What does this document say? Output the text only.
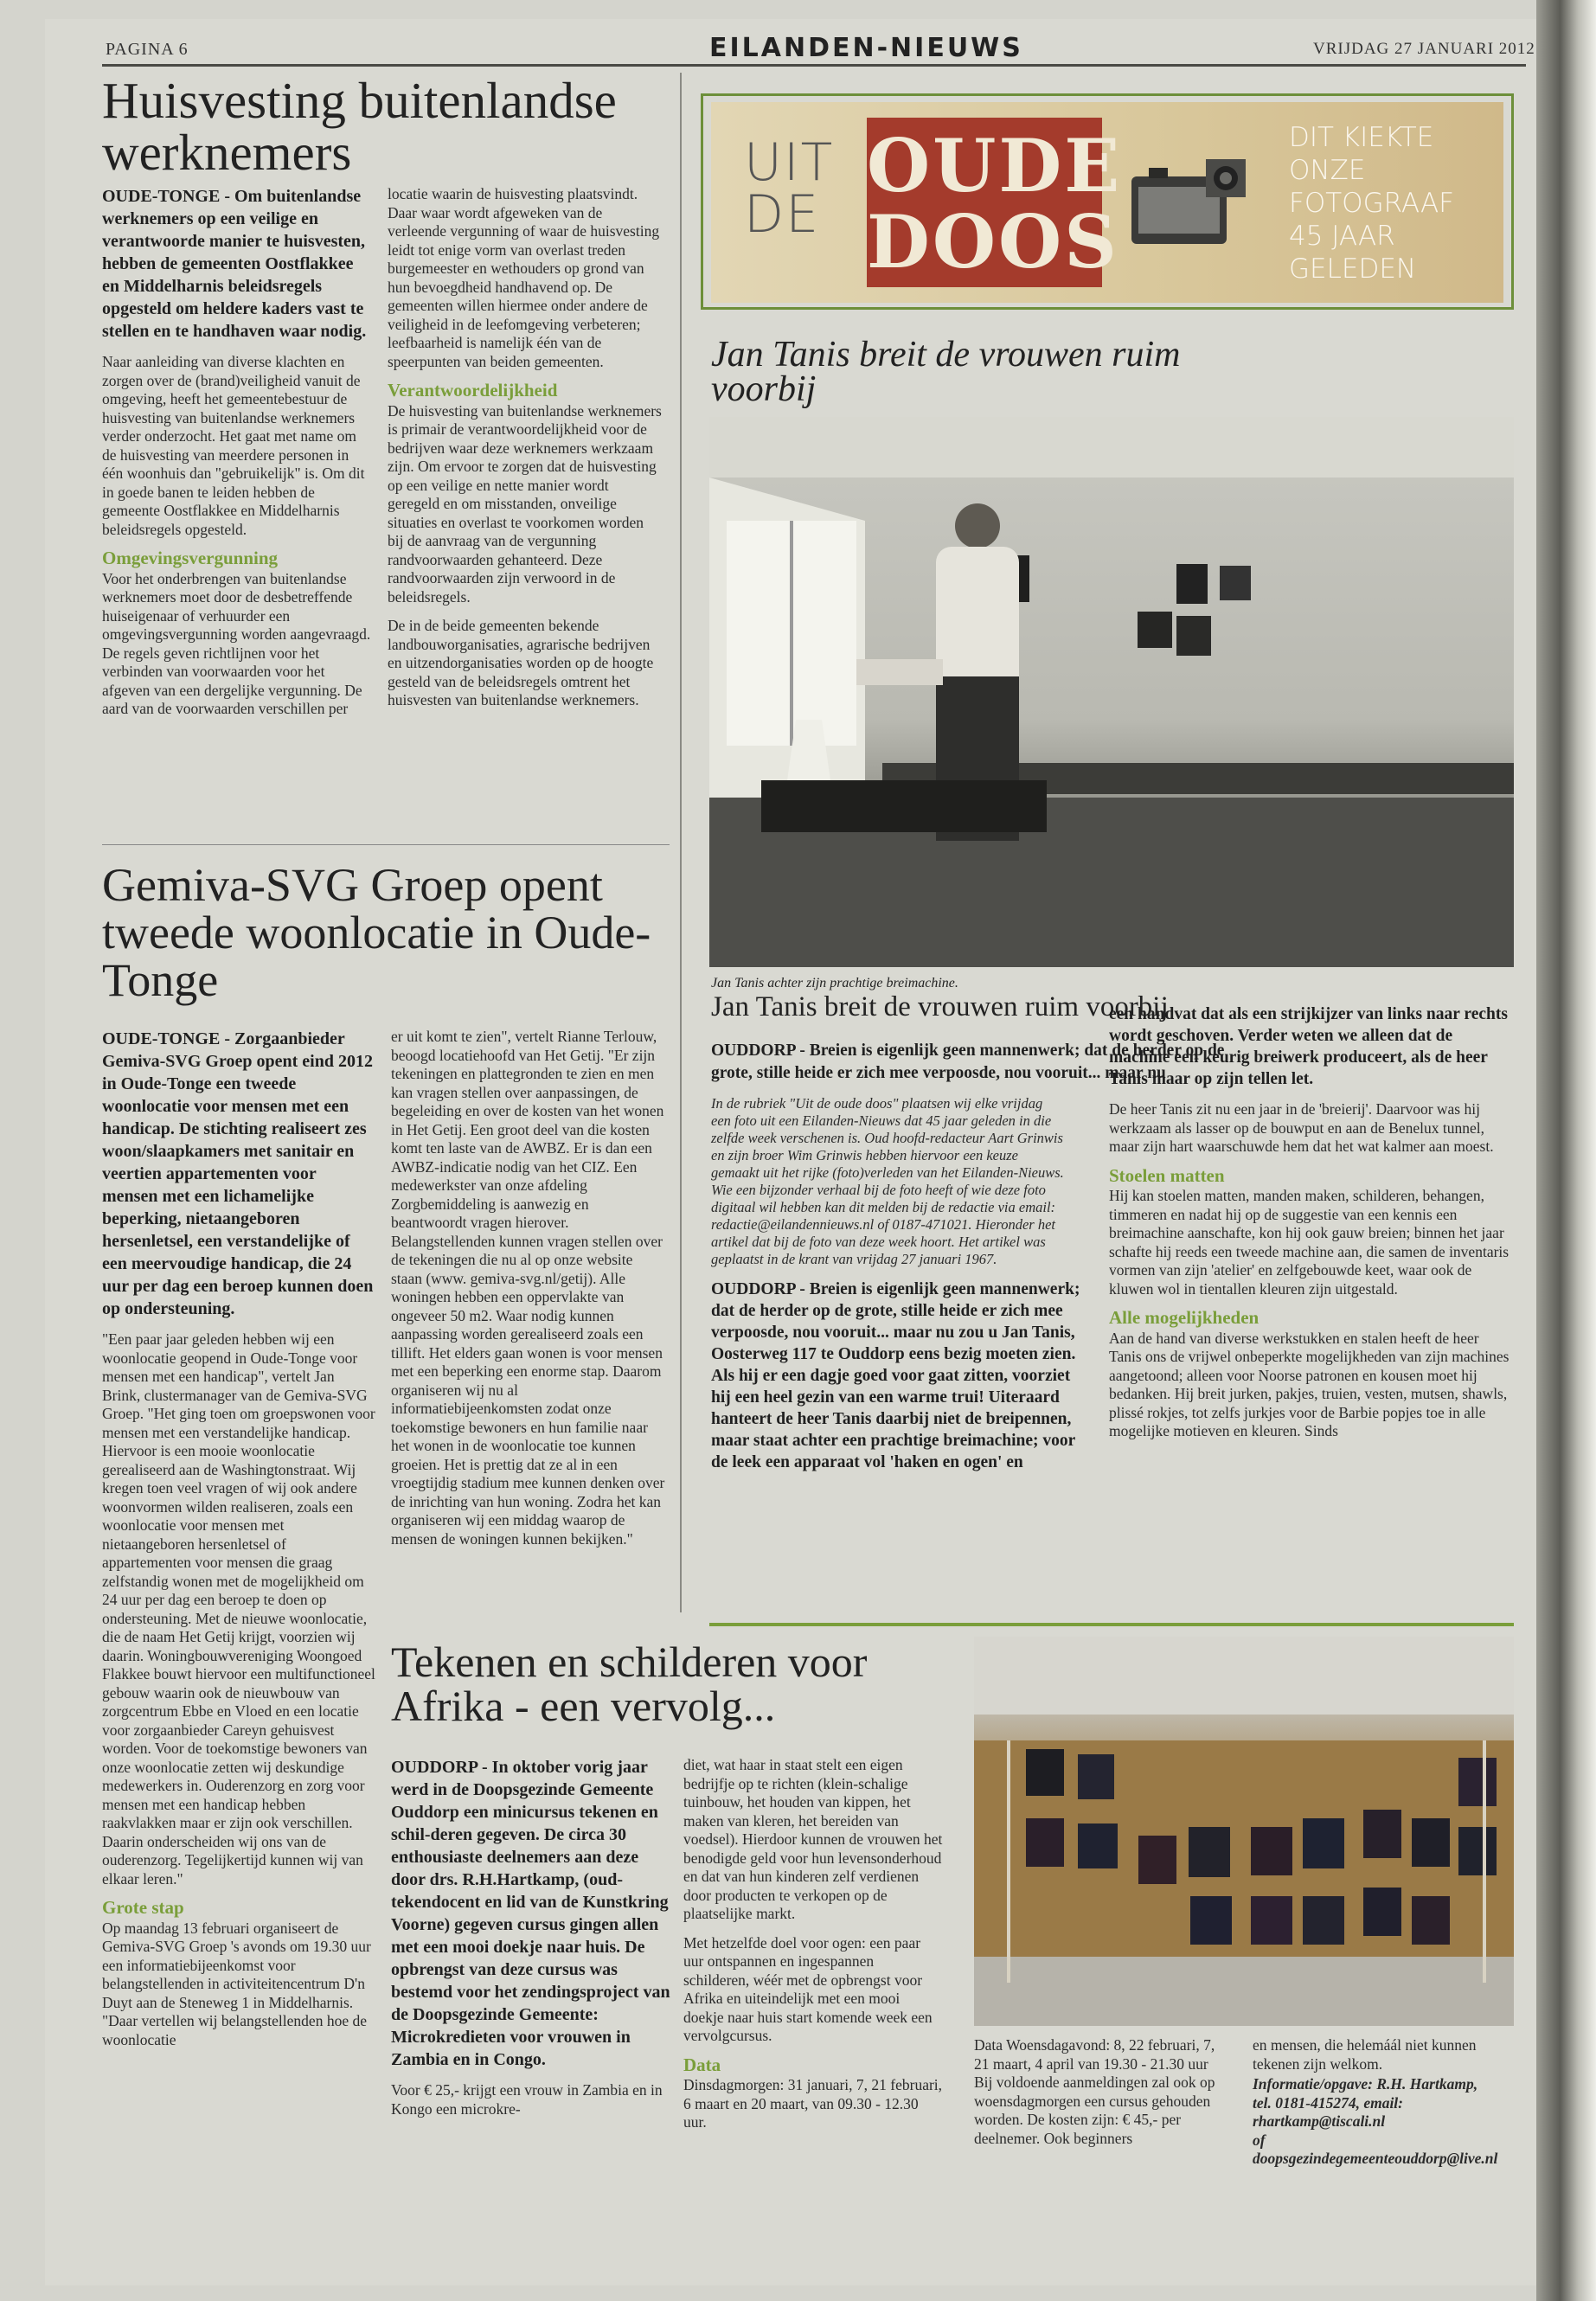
PAGINA 6	EILANDEN-NIEUWS	VRIJDAG 27 JANUARI 2012
Huisvesting buitenlandse werknemers

OUDE-TONGE - Om buitenlandse werknemers op een veilige en verantwoorde manier te huisvesten, hebben de gemeenten Oostflakkee en Middelharnis beleidsregels opgesteld om heldere kaders vast te stellen en te handhaven waar nodig.

Naar aanleiding van diverse klachten en zorgen over de (brand)veiligheid vanuit de omgeving, heeft het gemeentebestuur de huisvesting van buitenlandse werknemers verder onderzocht. Het gaat met name om de huisvesting van meerdere personen in één woonhuis dan "gebruikelijk" is. Om dit in goede banen te leiden hebben de gemeente Oostflakkee en Middelharnis beleidsregels opgesteld.

Omgevingsvergunning

Voor het onderbrengen van buitenlandse werknemers moet door de desbetreffende huiseigenaar of verhuurder een omgevingsvergunning worden aangevraagd. De regels geven richtlijnen voor het verbinden van voorwaarden voor het afgeven van een dergelijke vergunning. De aard van de voorwaarden verschillen per

locatie waarin de huisvesting plaatsvindt. Daar waar wordt afgeweken van de verleende vergunning of waar de huisvesting leidt tot enige vorm van overlast treden burgemeester en wethouders op grond van hun bevoegdheid handhavend op. De gemeenten willen hiermee onder andere de veiligheid in de leefomgeving verbeteren; leefbaarheid is namelijk één van de speerpunten van beiden gemeenten.

Verantwoordelijkheid

De huisvesting van buitenlandse werknemers is primair de verantwoordelijkheid voor de bedrijven waar deze werknemers werkzaam zijn. Om ervoor te zorgen dat de huisvesting op een veilige en nette manier wordt geregeld en om misstanden, onveilige situaties en overlast te voorkomen worden bij de aanvraag van de vergunning randvoorwaarden gehanteerd. Deze randvoorwaarden zijn verwoord in de beleidsregels.

De in de beide gemeenten bekende landbouworganisaties, agrarische bedrijven en uitzendorganisaties worden op de hoogte gesteld van de beleidsregels omtrent het huisvesten van buitenlandse werknemers.

Gemiva-SVG Groep opent tweede woonlocatie in Oude-Tonge

OUDE-TONGE - Zorgaanbieder Gemiva-SVG Groep opent eind 2012 in Oude-Tonge een tweede woonlocatie voor mensen met een handicap. De stichting realiseert zes woon/slaapkamers met sanitair en veertien appartementen voor mensen met een lichamelijke beperking, nietaangeboren hersenletsel, een verstandelijke of een meervoudige handicap, die 24 uur per dag een beroep kunnen doen op ondersteuning.

"Een paar jaar geleden hebben wij een woonlocatie geopend in Oude-Tonge voor mensen met een handicap", vertelt Jan Brink, clustermanager van de Gemiva-SVG Groep. "Het ging toen om groepswonen voor mensen met een verstandelijke handicap. Hiervoor is een mooie woonlocatie gerealiseerd aan de Washingtonstraat. Wij kregen toen veel vragen of wij ook andere woonvormen wilden realiseren, zoals een woonlocatie voor mensen met nietaangeboren hersenletsel of appartementen voor mensen die graag zelfstandig wonen met de mogelijkheid om 24 uur per dag een beroep te doen op ondersteuning. Met de nieuwe woonlocatie, die de naam Het Getij krijgt, voorzien wij daarin. Woningbouwvereniging Woongoed Flakkee bouwt hiervoor een multifunctioneel gebouw waarin ook de nieuwbouw van zorgcentrum Ebbe en Vloed en een locatie voor zorgaanbieder Careyn gehuisvest worden. Voor de toekomstige bewoners van onze woonlocatie zetten wij deskundige medewerkers in. Ouderenzorg en zorg voor mensen met een handicap hebben raakvlakken maar er zijn ook verschillen. Daarin onderscheiden wij ons van de ouderenzorg. Tegelijkertijd kunnen wij van elkaar leren."

Grote stap

Op maandag 13 februari organiseert de Gemiva-SVG Groep 's avonds om 19.30 uur een informatiebijeenkomst voor belangstellenden in activiteitencentrum D'n Duyt aan de Steneweg 1 in Middelharnis. "Daar vertellen wij belangstellenden hoe de woonlocatie

er uit komt te zien", vertelt Rianne Terlouw, beoogd locatiehoofd van Het Getij. "Er zijn tekeningen en plattegronden te zien en men kan vragen stellen over aanpassingen, de begeleiding en over de kosten van het wonen in Het Getij. Een groot deel van die kosten komt ten laste van de AWBZ. Er is dan een AWBZ-indicatie nodig van het CIZ. Een medewerkster van onze afdeling Zorgbemiddeling is aanwezig en beantwoordt vragen hierover. Belangstellenden kunnen vragen stellen over de tekeningen die nu al op onze website staan (www. gemiva-svg.nl/getij). Alle woningen hebben een oppervlakte van ongeveer 50 m2. Waar nodig kunnen aanpassing worden gerealiseerd zoals een tillift. Het elders gaan wonen is voor mensen met een beperking een enorme stap. Daarom organiseren wij nu al informatiebijeenkomsten zodat onze toekomstige bewoners en hun familie naar het wonen in de woonlocatie toe kunnen groeien. Het is prettig dat ze al in een vroegtijdig stadium mee kunnen denken over de inrichting van hun woning. Zodra het kan organiseren wij een middag waarop de mensen de woningen kunnen bekijken."

UIT
DE
OUDE
DOOS
DIT KIEKTE
ONZE
FOTOGRAAF
45 JAAR
GELEDEN
Jan Tanis breit de vrouwen ruim voorbij
Jan Tanis achter zijn prachtige breimachine.
Jan Tanis breit de vrouwen ruim voorbij

OUDDORP - Breien is eigenlijk geen mannenwerk; dat de herder op de grote, stille heide er zich mee verpoosde, nou vooruit... maar nu

In de rubriek "Uit de oude doos" plaatsen wij elke vrijdag een foto uit een Eilanden-Nieuws dat 45 jaar geleden in die zelfde week verschenen is. Oud hoofd-redacteur Aart Grinwis en zijn broer Wim Grinwis hebben hiervoor een keuze gemaakt uit het rijke (foto)verleden van het Eilanden-Nieuws. Wie een bijzonder verhaal bij de foto heeft of wie deze foto digitaal wil hebben kan dit melden bij de redactie via email: redactie@eilandennieuws.nl of 0187-471021. Hieronder het artikel dat bij de foto van deze week hoort. Het artikel was geplaatst in de krant van vrijdag 27 januari 1967.

OUDDORP - Breien is eigenlijk geen mannenwerk; dat de herder op de grote, stille heide er zich mee verpoosde, nou vooruit... maar nu zou u Jan Tanis, Oosterweg 117 te Ouddorp eens bezig moeten zien. Als hij er een dagje goed voor gaat zitten, voorziet hij een heel gezin van een warme trui! Uiteraard hanteert de heer Tanis daarbij niet de breipennen, maar staat achter een prachtige breimachine; voor de leek een apparaat vol 'haken en ogen' en

een handvat dat als een strijkijzer van links naar rechts wordt geschoven. Verder weten we alleen dat de machine een keurig breiwerk produceert, als de heer Tanis maar op zijn tellen let.

De heer Tanis zit nu een jaar in de 'breierij'. Daarvoor was hij werkzaam als lasser op de bouwput en aan de Benelux tunnel, maar zijn hart waarschuwde hem dat het wat kalmer aan moest.

Stoelen matten

Hij kan stoelen matten, manden maken, schilderen, behangen, timmeren en nadat hij op de suggestie van een kennis een breimachine aanschafte, kon hij ook gauw breien; binnen het jaar schafte hij reeds een tweede machine aan, die samen de inventaris vormen van zijn 'atelier' en zelfgebouwde keet, waar ook de kluwen wol in tientallen kleuren zijn uitgestald.

Alle mogelijkheden

Aan de hand van diverse werkstukken en stalen heeft de heer Tanis ons de vrijwel onbeperkte mogelijkheden van zijn machines aangetoond; alleen voor Noorse patronen en kousen moet hij bedanken. Hij breit jurken, pakjes, truien, vesten, mutsen, shawls, plissé rokjes, tot zelfs jurkjes voor de Barbie popjes toe in alle mogelijke motieven en kleuren. Sinds

Tekenen en schilderen voor Afrika - een vervolg...

OUDDORP - In oktober vorig jaar werd in de Doopsgezinde Gemeente Ouddorp een minicursus tekenen en schil-deren gegeven. De circa 30 enthousiaste deelnemers aan deze door drs. R.H.Hartkamp, (oud-tekendocent en lid van de Kunstkring Voorne) gegeven cursus gingen allen met een mooi doekje naar huis. De opbrengst van deze cursus was bestemd voor het zendingsproject van de Doopsgezinde Gemeente: Microkredieten voor vrouwen in Zambia en in Congo.

Voor € 25,- krijgt een vrouw in Zambia en in Kongo een microkre-

diet, wat haar in staat stelt een eigen bedrijfje op te richten (klein-schalige tuinbouw, het houden van kippen, het maken van kleren, het bereiden van voedsel). Hierdoor kunnen de vrouwen het benodigde geld voor hun levensonderhoud en dat van hun kinderen zelf verdienen door producten te verkopen op de plaatselijke markt.

Met hetzelfde doel voor ogen: een paar uur ontspannen en ingespannen schilderen, wéér met de opbrengst voor Afrika en uiteindelijk met een mooi doekje naar huis start komende week een vervolgcursus.

Data

Dinsdagmorgen: 31 januari, 7, 21 februari, 6 maart en 20 maart, van 09.30 - 12.30 uur.

Data Woensdagavond: 8, 22 februari, 7, 21 maart, 4 april van 19.30 - 21.30 uur

Bij voldoende aanmeldingen zal ook op woensdagmorgen een cursus gehouden worden. De kosten zijn: € 45,- per deelnemer. Ook beginners

en mensen, die helemáál niet kunnen tekenen zijn welkom.

Informatie/opgave: R.H. Hartkamp,
tel. 0181-415274, email:
rhartkamp@tiscali.nl
of doopsgezindegemeenteouddorp@live.nl
